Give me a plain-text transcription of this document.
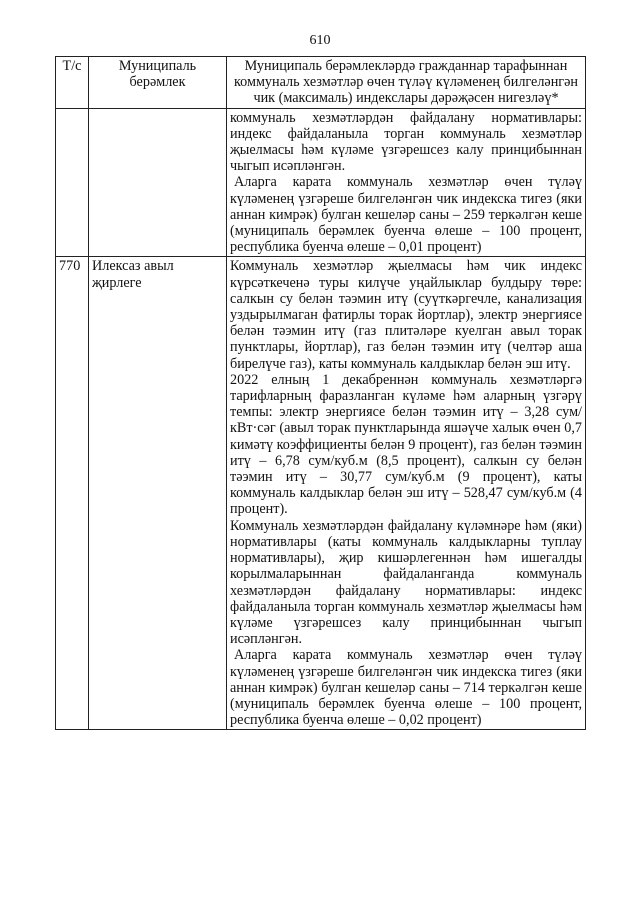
610
Т/с	Муниципаль берәмлек	Муниципаль берәмлекләрдә гражданнар тарафыннан коммуналь хезмәтләр өчен түләү күләменең билгеләнгән чик (максималь) индекслары дәрәҗәсен нигезләү*

		коммуналь хезмәтләрдән файдалану нормативлары: индекс файдаланыла торган коммуналь хезмәтләр җыелмасы һәм күләме үзгәрешсез калу принцибыннан чыгып исәпләнгән.
Аларга карата коммуналь хезмәтләр өчен түләү күләменең үзгәреше билгеләнгән чик индекска тигез (яки аннан кимрәк) булган кешеләр саны – 259 теркәлгән кеше (муниципаль берәмлек буенча өлеше – 100 процент, республика буенча өлеше – 0,01 процент)

770	Илексаз авыл җирлеге	Коммуналь хезмәтләр җыелмасы һәм чик индекс күрсәткеченә туры килүче уңайлыклар булдыру төре: салкын су белән тәэмин итү (суүткәргечле, канализация уздырылмаган фатирлы торак йортлар), электр энергиясе белән тәэмин итү (газ плитәләре куелган авыл торак пунктлары, йортлар), газ белән тәэмин итү (челтәр аша бирелүче газ), каты коммуналь калдыклар белән эш итү.
2022 елның 1 декабреннән коммуналь хезмәтләргә тарифларның фаразланган күләме һәм аларның үзгәрү темпы: электр энергиясе белән тәэмин итү – 3,28 сум/кВт·сәг (авыл торак пунктларында яшәүче халык өчен 0,7 кимәтү коэффициенты белән 9 процент), газ белән тәэмин итү – 6,78 сум/куб.м (8,5 процент), салкын су белән тәэмин итү – 30,77 сум/куб.м (9 процент), каты коммуналь калдыклар белән эш итү – 528,47 сум/куб.м (4 процент).
Коммуналь хезмәтләрдән файдалану күләмнәре һәм (яки) нормативлары (каты коммуналь калдыкларны туплау нормативлары), җир кишәрлегеннән һәм ишегалды корылмаларыннан файдаланганда коммуналь хезмәтләрдән файдалану нормативлары: индекс файдаланыла торган коммуналь хезмәтләр җыелмасы һәм күләме үзгәрешсез калу принцибыннан чыгып исәпләнгән.
Аларга карата коммуналь хезмәтләр өчен түләү күләменең үзгәреше билгеләнгән чик индекска тигез (яки аннан кимрәк) булган кешеләр саны – 714 теркәлгән кеше (муниципаль берәмлек буенча өлеше – 100 процент, республика буенча өлеше – 0,02 процент)
